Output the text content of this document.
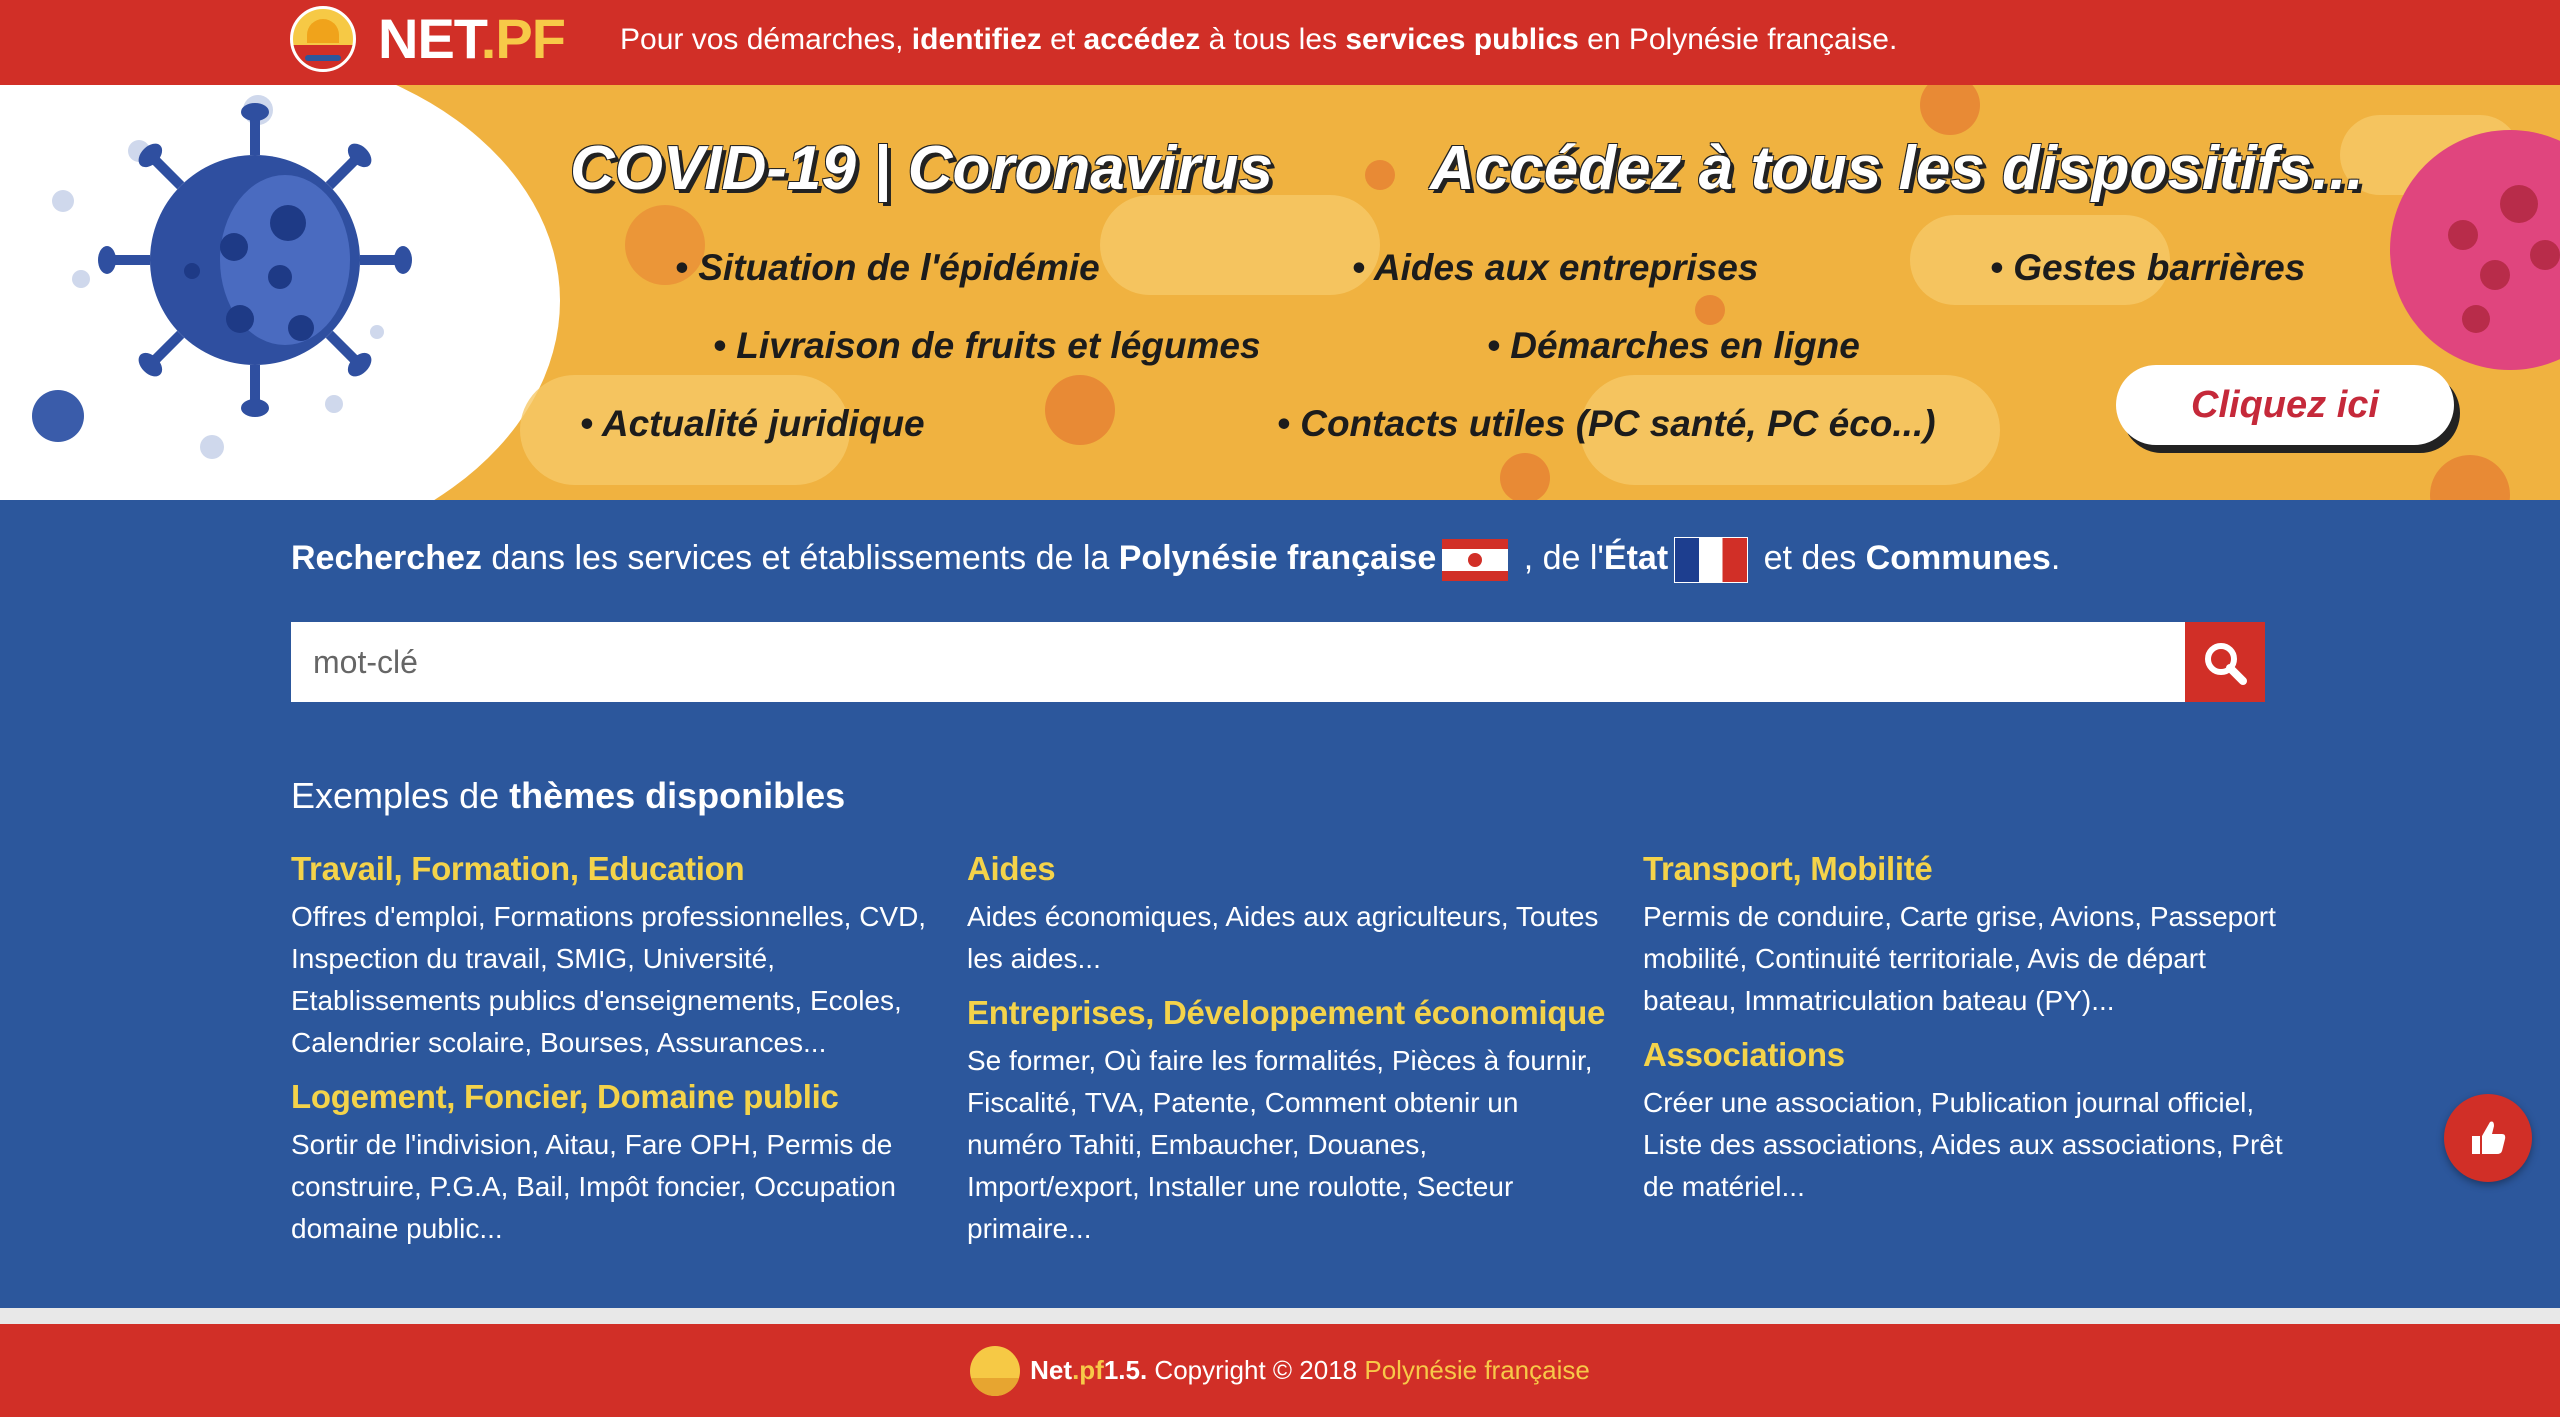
NET.PF Pour vos démarches, identifiez et accédez à tous les services publics en Polynésie française.
COVID-19 | Coronavirus	Accédez à tous les dispositifs...
• Situation de l'épidémie	• Aides aux entreprises	• Gestes barrières
• Livraison de fruits et légumes	• Démarches en ligne
• Actualité juridique	• Contacts utiles (PC santé, PC éco...)	Cliquez ici
Recherchez dans les services et établissements de la Polynésie française , de l'État	et des Communes.
mot-clé
Exemples de thèmes disponibles
Travail, Formation, Education
Offres d'emploi, Formations professionnelles, CVD, Inspection du travail, SMIG, Université, Etablissements publics d'enseignements, Ecoles, Calendrier scolaire, Bourses, Assurances...
Logement, Foncier, Domaine public
Sortir de l'indivision, Aitau, Fare OPH, Permis de construire, P.G.A, Bail, Impôt foncier, Occupation domaine public...
Aides
Aides économiques, Aides aux agriculteurs, Toutes les aides...
Entreprises, Développement économique
Se former, Où faire les formalités, Pièces à fournir, Fiscalité, TVA, Patente, Comment obtenir un numéro Tahiti, Embaucher, Douanes, Import/export, Installer une roulotte, Secteur primaire...
Transport, Mobilité
Permis de conduire, Carte grise, Avions, Passeport mobilité, Continuité territoriale, Avis de départ bateau, Immatriculation bateau (PY)...
Associations
Créer une association, Publication journal officiel, Liste des associations, Aides aux associations, Prêt de matériel...
Net .pf 1.5. Copyright © 2018 Polynésie française
